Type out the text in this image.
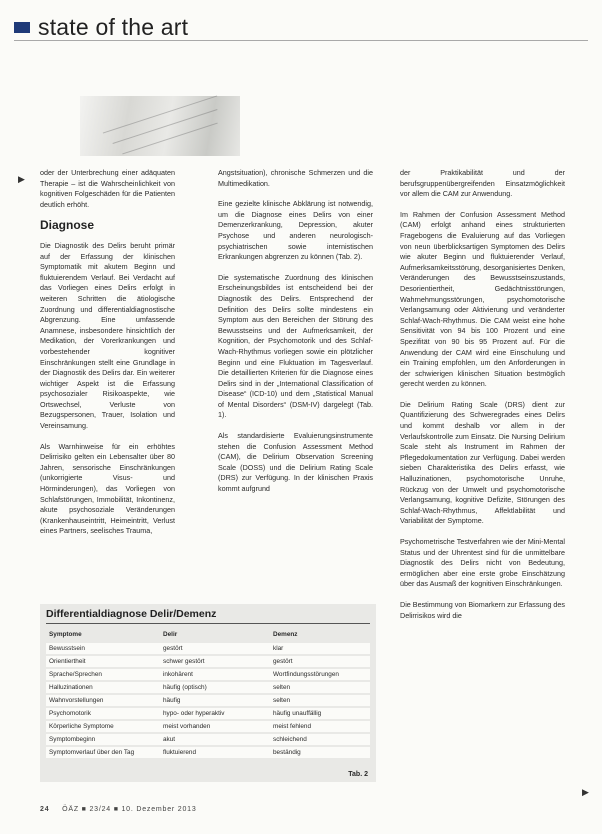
state of the art
▶

oder der Unterbrechung einer adäquaten Therapie – ist die Wahrscheinlichkeit von kognitiven Folgeschäden für die Patienten deutlich erhöht.

Diagnose

Die Diagnostik des Delirs beruht primär auf der Erfassung der klinischen Symptomatik mit akutem Beginn und fluktuierendem Verlauf. Bei Verdacht auf das Vorliegen eines Delirs erfolgt in weiteren Schritten die ätiologische Zuordnung und differentialdiagnostische Abgrenzung. Eine umfassende Anamnese, insbesondere hinsichtlich der Medikation, der Vorerkrankungen und vorbestehender kognitiver Einschränkungen stellt eine Grundlage in der Diagnostik des Delirs dar. Ein weiterer wichtiger Aspekt ist die Erfassung psychosozialer Risikoaspekte, wie Ortswechsel, Verluste von Bezugspersonen, Trauer, Isolation und Vereinsamung.

Als Warnhinweise für ein erhöhtes Delirrisiko gelten ein Lebensalter über 80 Jahren, sensorische Einschränkungen (unkorrigierte Visus- und Hörminderungen), das Vorliegen von Schlafstörungen, Immobilität, Inkontinenz, akute psychosoziale Veränderungen (Krankenhauseintritt, Heimeintritt, Verlust eines Partners, seelisches Trauma,

Angstsituation), chronische Schmerzen und die Multimedikation.

Eine gezielte klinische Abklärung ist notwendig, um die Diagnose eines Delirs von einer Demenzerkrankung, Depression, akuter Psychose und anderen neurologisch-psychiatrischen sowie internistischen Erkrankungen abgrenzen zu können (Tab. 2).

Die systematische Zuordnung des klinischen Erscheinungsbildes ist entscheidend bei der Diagnostik des Delirs. Entsprechend der Definition des Delirs sollte mindestens ein Symptom aus den Bereichen der Störung des Bewusstseins und der Aufmerksamkeit, der Kognition, der Psychomotorik und des Schlaf-Wach-Rhythmus vorliegen sowie ein plötzlicher Beginn und eine Fluktuation im Tagesverlauf. Die detaillierten Kriterien für die Diagnose eines Delirs sind in der „International Classification of Disease“ (ICD-10) und dem „Statistical Manual of Mental Disorders“ (DSM-IV) dargelegt (Tab. 1).

Als standardisierte Evaluierungsinstrumente stehen die Confusion Assessment Method (CAM), die Delirium Observation Screening Scale (DOSS) und die Delirium Rating Scale (DRS) zur Verfügung. In der klinischen Praxis kommt aufgrund

der Praktikabilität und der berufsgruppenübergreifenden Einsatzmöglichkeit vor allem die CAM zur Anwendung.

Im Rahmen der Confusion Assessment Method (CAM) erfolgt anhand eines strukturierten Fragebogens die Evaluierung auf das Vorliegen von neun überblicksartigen Symptomen des Delirs wie akuter Beginn und fluktuierender Verlauf, Aufmerksamkeitsstörung, desorganisiertes Denken, Veränderungen des Bewusstseinszustands, Desorientiertheit, Gedächtnisstörungen, Wahrnehmungsstörungen, psychomotorische Verlangsamung oder Aktivierung und veränderter Schlaf-Wach-Rhythmus. Die CAM weist eine hohe Sensitivität von 94 bis 100 Prozent und eine Spezifität von 90 bis 95 Prozent auf. Für die Anwendung der CAM wird eine Einschulung und ein Training empfohlen, um den Anforderungen in der schwierigen klinischen Situation bestmöglich gerecht werden zu können.

Die Delirium Rating Scale (DRS) dient zur Quantifizierung des Schweregrades eines Delirs und kommt deshalb vor allem in der Verlaufskontrolle zum Einsatz. Die Nursing Delirium Scale steht als Instrument im Rahmen der Pflegedokumentation zur Verfügung. Dabei werden sieben Charakteristika des Delirs erfasst, wie Halluzinationen, psychomotorische Unruhe, Rückzug von der Umwelt und psychomotorische Verlangsamung, kognitive Defizite, Störungen des Schlaf-Wach-Rhythmus, Affektlabilität und Variabilität der Symptome.

Psychometrische Testverfahren wie der Mini-Mental Status und der Uhrentest sind für die unmittelbare Diagnostik des Delirs nicht von Bedeutung, ermöglichen aber eine erste grobe Einschätzung über das Ausmaß der kognitiven Einschränkungen.

Die Bestimmung von Biomarkern zur Erfassung des Delirrisikos wird die

▶
Differentialdiagnose Delir/Demenz
Symptome	Delir	Demenz
Bewusstsein	gestört	klar
Orientiertheit	schwer gestört	gestört
Sprache/Sprechen	inkohärent	Wortfindungsstörungen
Halluzinationen	häufig (optisch)	selten
Wahnvorstellungen	häufig	selten
Psychomotorik	hypo- oder hyperaktiv	häufig unauffällig
Körperliche Symptome	meist vorhanden	meist fehlend
Symptombeginn	akut	schleichend
Symptomverlauf über den Tag	fluktuierend	beständig
Tab. 2
24 ÖÄZ ■ 23/24 ■ 10. Dezember 2013
